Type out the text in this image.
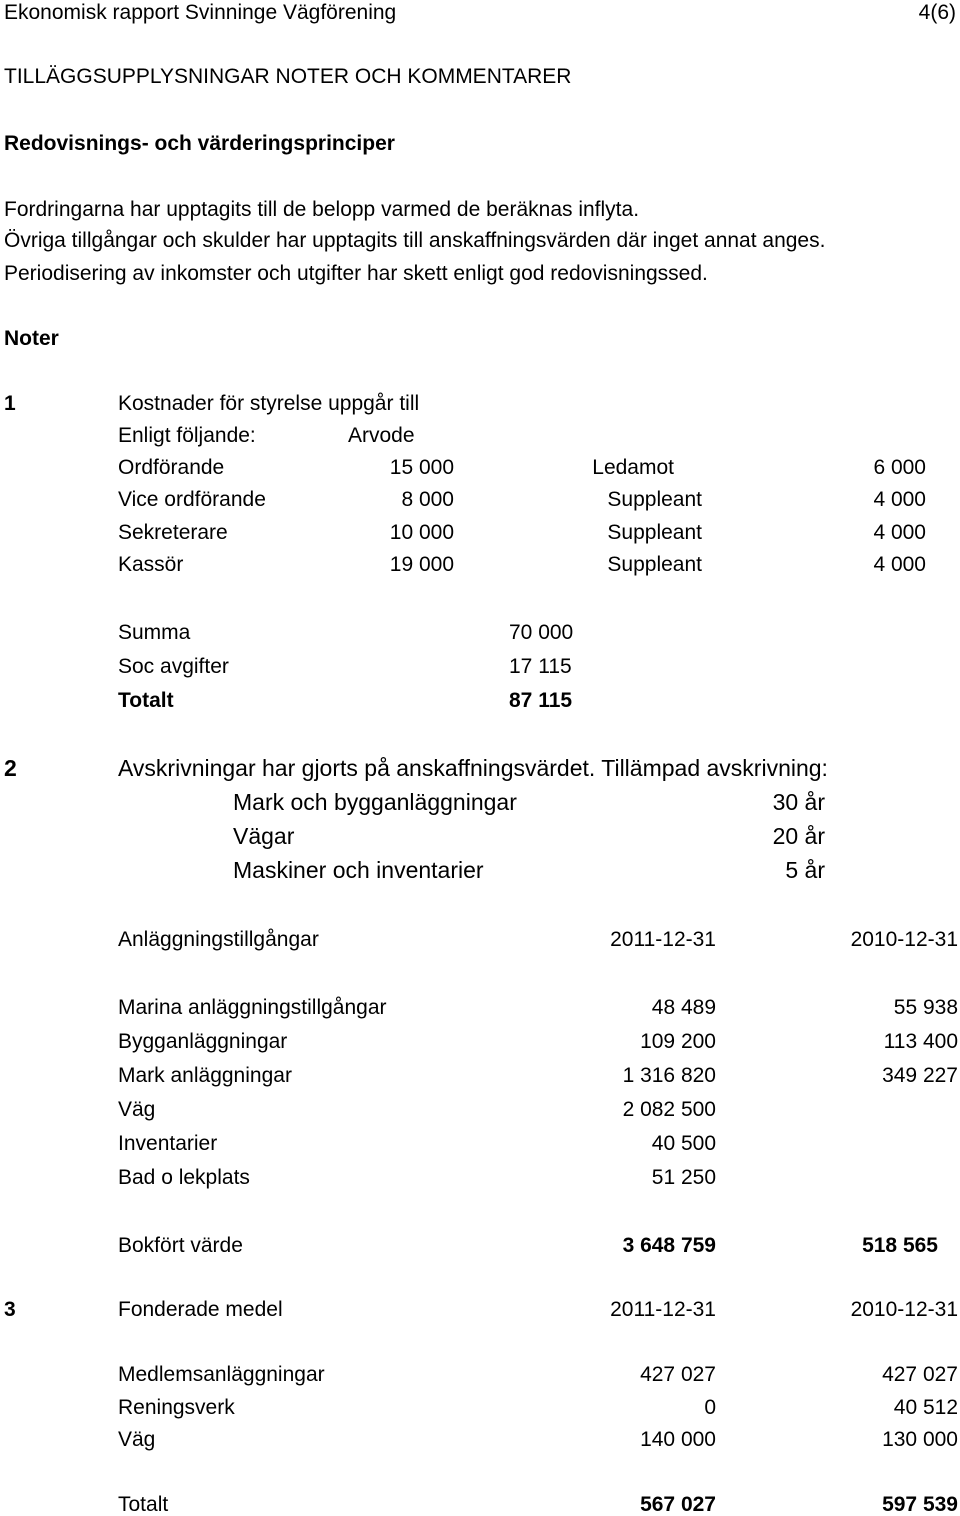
Ekonomisk rapport Svinninge Vägförening	4(6)
TILLÄGGSUPPLYSNINGAR NOTER OCH KOMMENTARER
Redovisnings- och värderingsprinciper
Fordringarna har upptagits till de belopp varmed de beräknas inflyta.
Övriga tillgångar och skulder har upptagits till anskaffningsvärden där inget annat anges.
Periodisering av inkomster och utgifter har skett enligt god redovisningssed.
Noter
1	Kostnader för styrelse uppgår till
Enligt följande:	Arvode
Ordförande	15 000	Ledamot	6 000
Vice ordförande	8 000	Suppleant	4 000
Sekreterare	10 000	Suppleant	4 000
Kassör	19 000	Suppleant	4 000
Summa	70 000
Soc avgifter	17 115
Totalt	87 115
2	Avskrivningar har gjorts på anskaffningsvärdet. Tillämpad avskrivning:
Mark och bygganläggningar	30 år
Vägar	20 år
Maskiner och inventarier	5 år
Anläggningstillgångar	2011-12-31	2010-12-31
Marina anläggningstillgångar	48 489	55 938
Bygganläggningar	109 200	113 400
Mark anläggningar	1 316 820	349 227
Väg	2 082 500
Inventarier	40 500
Bad o lekplats	51 250
Bokfört värde	3 648 759	518 565
3	Fonderade medel	2011-12-31	2010-12-31
Medlemsanläggningar	427 027	427 027
Reningsverk	0	40 512
Väg	140 000	130 000
Totalt	567 027	597 539
